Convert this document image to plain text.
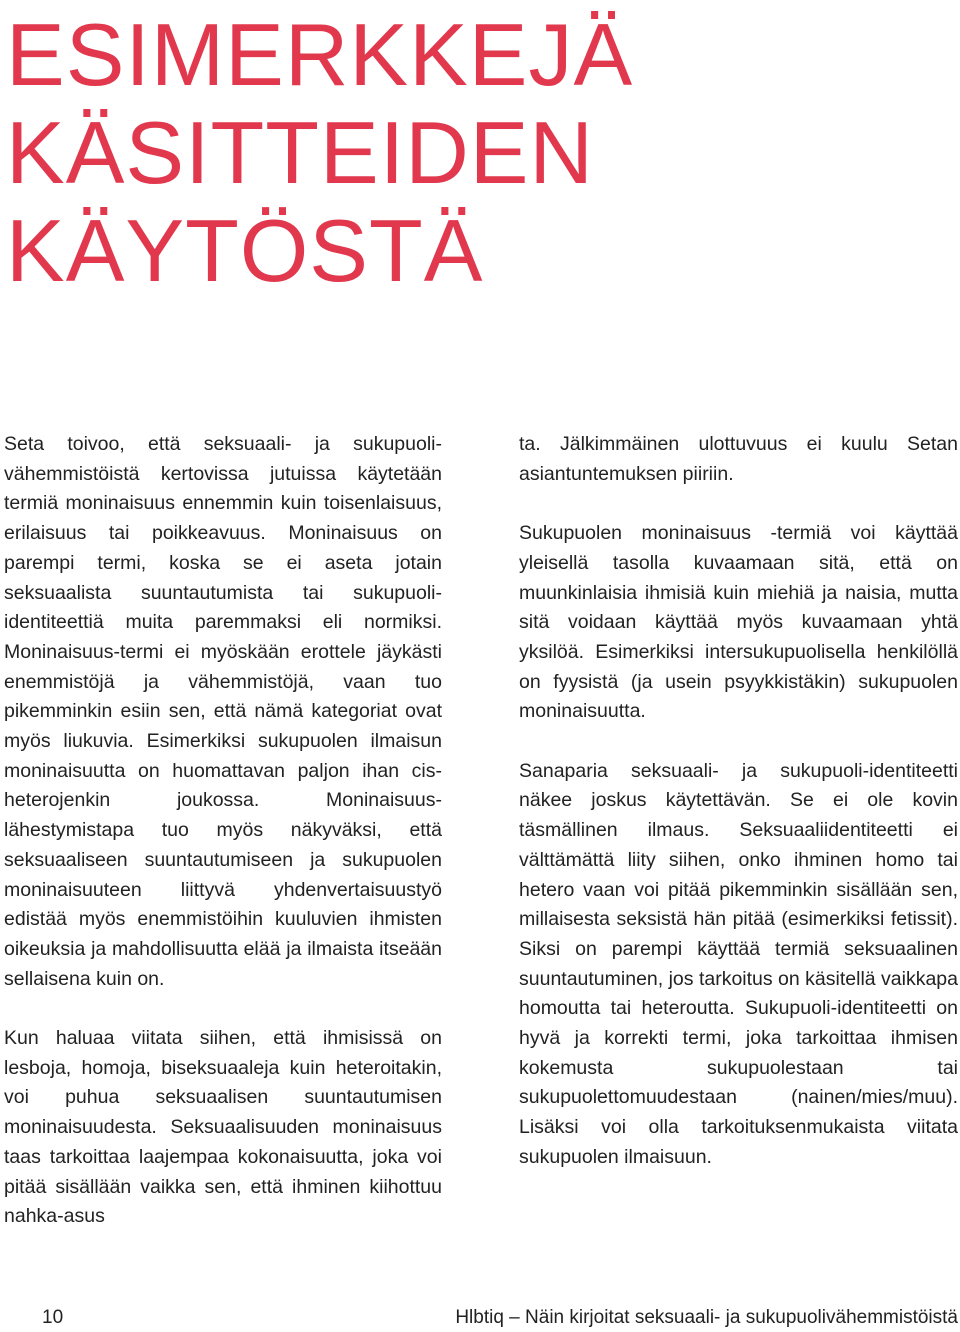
ESIMERKKEJÄ
KÄSITTEIDEN
KÄYTÖSTÄ

Seta toivoo, että seksuaali- ja sukupuolivähemmistöistä kertovissa jutuissa käytetään termiä moninaisuus ennemmin kuin toisenlaisuus, erilaisuus tai poikkeavuus. Moninaisuus on parempi termi, koska se ei aseta jotain seksuaalista suuntautumista tai sukupuoli-identiteettiä muita paremmaksi eli normiksi. Moninaisuus-termi ei myöskään erottele jäykästi enemmistöjä ja vähemmistöjä, vaan tuo pikemminkin esiin sen, että nämä kategoriat ovat myös liukuvia. Esimerkiksi sukupuolen ilmaisun moninaisuutta on huomattavan paljon ihan cis-heterojenkin joukossa. Moninaisuuslähestymistapa tuo myös näkyväksi, että seksuaaliseen suuntautumiseen ja sukupuolen moninaisuuteen liittyvä yhdenvertaisuustyö edistää myös enemmistöihin kuuluvien ihmisten oikeuksia ja mahdollisuutta elää ja ilmaista itseään sellaisena kuin on.

Kun haluaa viitata siihen, että ihmisissä on lesboja, homoja, biseksuaaleja kuin heteroitakin, voi puhua seksuaalisen suuntautumisen moninaisuudesta. Seksuaalisuuden moninaisuus taas tarkoittaa laajempaa kokonaisuutta, joka voi pitää sisällään vaikka sen, että ihminen kiihottuu nahka-asus

ta. Jälkimmäinen ulottuvuus ei kuulu Setan asiantuntemuksen piiriin.

Sukupuolen moninaisuus -termiä voi käyttää yleisellä tasolla kuvaamaan sitä, että on muunkinlaisia ihmisiä kuin miehiä ja naisia, mutta sitä voidaan käyttää myös kuvaamaan yhtä yksilöä. Esimerkiksi intersukupuolisella henkilöllä on fyysistä (ja usein psyykkistäkin) sukupuolen moninaisuutta.

Sanaparia seksuaali- ja sukupuoli-identiteetti näkee joskus käytettävän. Se ei ole kovin täsmällinen ilmaus. Seksuaaliidentiteetti ei välttämättä liity siihen, onko ihminen homo tai hetero vaan voi pitää pikemminkin sisällään sen, millaisesta seksistä hän pitää (esimerkiksi fetissit). Siksi on parempi käyttää termiä seksuaalinen suuntautuminen, jos tarkoitus on käsitellä vaikkapa homoutta tai heteroutta. Sukupuoli-identiteetti on hyvä ja korrekti termi, joka tarkoittaa ihmisen kokemusta sukupuolestaan tai sukupuolettomuudestaan (nainen/mies/muu). Lisäksi voi olla tarkoituksenmukaista viitata sukupuolen ilmaisuun.

10	Hlbtiq – Näin kirjoitat seksuaali- ja sukupuolivähemmistöistä
